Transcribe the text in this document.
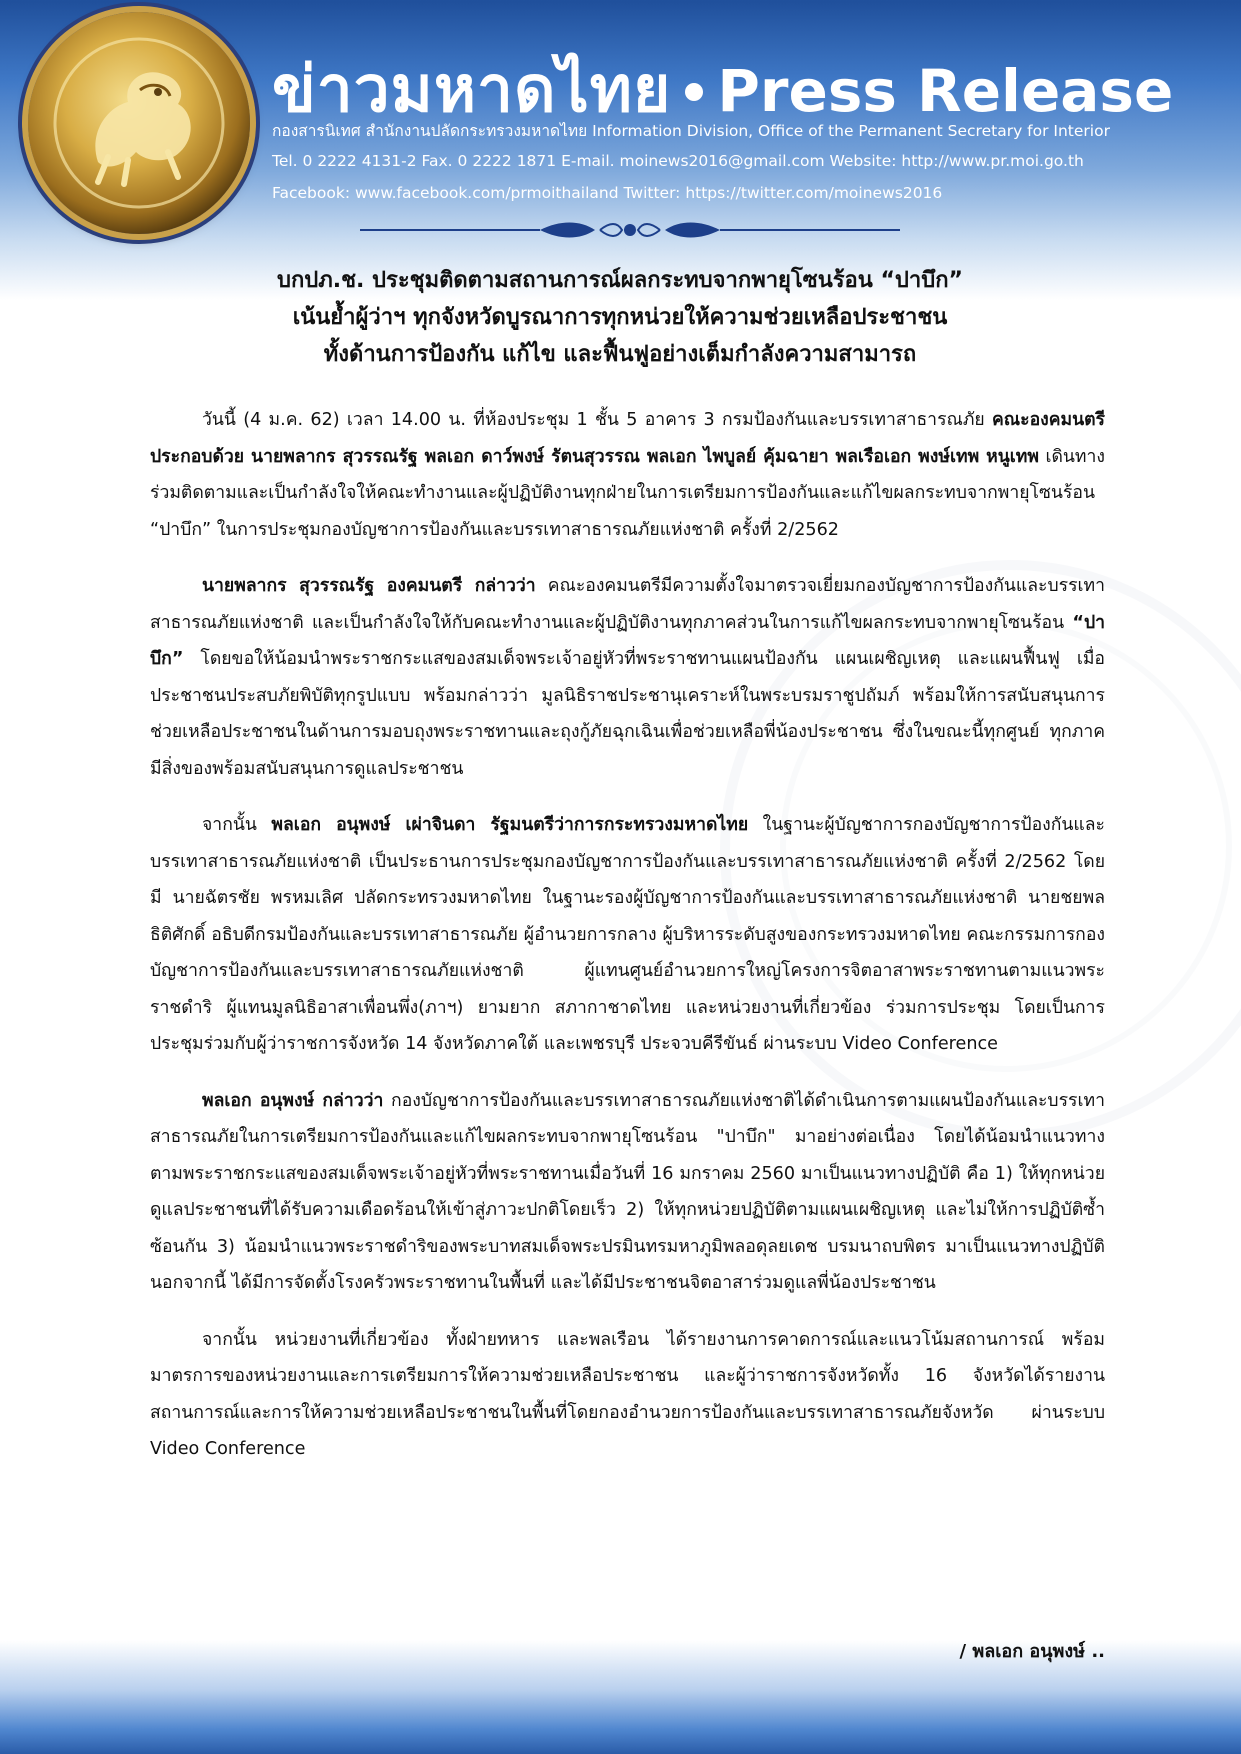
ข่าวมหาดไทย Press Release
กองสารนิเทศ สำนักงานปลัดกระทรวงมหาดไทย Information Division, Office of the Permanent Secretary for Interior
Tel. 0 2222 4131-2 Fax. 0 2222 1871 E-mail. moinews2016@gmail.com Website: http://www.pr.moi.go.th
Facebook: www.facebook.com/prmoithailand Twitter: https://twitter.com/moinews2016
บกปภ.ช. ประชุมติดตามสถานการณ์ผลกระทบจากพายุโซนร้อน “ปาบึก”
เน้นย้ำผู้ว่าฯ ทุกจังหวัดบูรณาการทุกหน่วยให้ความช่วยเหลือประชาชน
ทั้งด้านการป้องกัน แก้ไข และฟื้นฟูอย่างเต็มกำลังความสามารถ

วันนี้ (4 ม.ค. 62) เวลา 14.00 น. ที่ห้องประชุม 1 ชั้น 5 อาคาร 3 กรมป้องกันและบรรเทาสาธารณภัย คณะองคมนตรี ประกอบด้วย นายพลากร สุวรรณรัฐ พลเอก ดาว์พงษ์ รัตนสุวรรณ พลเอก ไพบูลย์ คุ้มฉายา พลเรือเอก พงษ์เทพ หนูเทพ เดินทางร่วมติดตามและเป็นกำลังใจให้คณะทำงานและผู้ปฏิบัติงานทุกฝ่ายในการเตรียมการป้องกันและแก้ไขผลกระทบจากพายุโซนร้อน “ปาบึก” ในการประชุมกองบัญชาการป้องกันและบรรเทาสาธารณภัยแห่งชาติ ครั้งที่ 2/2562

นายพลากร สุวรรณรัฐ องคมนตรี กล่าวว่า คณะองคมนตรีมีความตั้งใจมาตรวจเยี่ยมกองบัญชาการป้องกันและบรรเทาสาธารณภัยแห่งชาติ และเป็นกำลังใจให้กับคณะทำงานและผู้ปฏิบัติงานทุกภาคส่วนในการแก้ไขผลกระทบจากพายุโซนร้อน “ปาบึก” โดยขอให้น้อมนำพระราชกระแสของสมเด็จพระเจ้าอยู่หัวที่พระราชทานแผนป้องกัน แผนเผชิญเหตุ และแผนฟื้นฟู เมื่อประชาชนประสบภัยพิบัติทุกรูปแบบ พร้อมกล่าวว่า มูลนิธิราชประชานุเคราะห์ในพระบรมราชูปถัมภ์ พร้อมให้การสนับสนุนการช่วยเหลือประชาชนในด้านการมอบถุงพระราชทานและถุงกู้ภัยฉุกเฉินเพื่อช่วยเหลือพี่น้องประชาชน ซึ่งในขณะนี้ทุกศูนย์ ทุกภาค มีสิ่งของพร้อมสนับสนุนการดูแลประชาชน

จากนั้น พลเอก อนุพงษ์ เผ่าจินดา รัฐมนตรีว่าการกระทรวงมหาดไทย ในฐานะผู้บัญชาการกองบัญชาการป้องกันและบรรเทาสาธารณภัยแห่งชาติ เป็นประธานการประชุมกองบัญชาการป้องกันและบรรเทาสาธารณภัยแห่งชาติ ครั้งที่ 2/2562 โดยมี นายฉัตรชัย พรหมเลิศ ปลัดกระทรวงมหาดไทย ในฐานะรองผู้บัญชาการป้องกันและบรรเทาสาธารณภัยแห่งชาติ นายชยพล ธิติศักดิ์ อธิบดีกรมป้องกันและบรรเทาสาธารณภัย ผู้อำนวยการกลาง ผู้บริหารระดับสูงของกระทรวงมหาดไทย คณะกรรมการกองบัญชาการป้องกันและบรรเทาสาธารณภัยแห่งชาติ ผู้แทนศูนย์อำนวยการใหญ่โครงการจิตอาสาพระราชทานตามแนวพระราชดำริ ผู้แทนมูลนิธิอาสาเพื่อนพึ่ง(ภาฯ) ยามยาก สภากาชาดไทย และหน่วยงานที่เกี่ยวข้อง ร่วมการประชุม โดยเป็นการประชุมร่วมกับผู้ว่าราชการจังหวัด 14 จังหวัดภาคใต้ และเพชรบุรี ประจวบคีรีขันธ์ ผ่านระบบ Video Conference

พลเอก อนุพงษ์ กล่าวว่า กองบัญชาการป้องกันและบรรเทาสาธารณภัยแห่งชาติได้ดำเนินการตามแผนป้องกันและบรรเทาสาธารณภัยในการเตรียมการป้องกันและแก้ไขผลกระทบจากพายุโซนร้อน "ปาบึก" มาอย่างต่อเนื่อง โดยได้น้อมนำแนวทางตามพระราชกระแสของสมเด็จพระเจ้าอยู่หัวที่พระราชทานเมื่อวันที่ 16 มกราคม 2560 มาเป็นแนวทางปฏิบัติ คือ 1) ให้ทุกหน่วยดูแลประชาชนที่ได้รับความเดือดร้อนให้เข้าสู่ภาวะปกติโดยเร็ว 2) ให้ทุกหน่วยปฏิบัติตามแผนเผชิญเหตุ และไม่ให้การปฏิบัติซ้ำซ้อนกัน 3) น้อมนำแนวพระราชดำริของพระบาทสมเด็จพระปรมินทรมหาภูมิพลอดุลยเดช บรมนาถบพิตร มาเป็นแนวทางปฏิบัติ นอกจากนี้ ได้มีการจัดตั้งโรงครัวพระราชทานในพื้นที่ และได้มีประชาชนจิตอาสาร่วมดูแลพี่น้องประชาชน

จากนั้น หน่วยงานที่เกี่ยวข้อง ทั้งฝ่ายทหาร และพลเรือน ได้รายงานการคาดการณ์และแนวโน้มสถานการณ์ พร้อมมาตรการของหน่วยงานและการเตรียมการให้ความช่วยเหลือประชาชน และผู้ว่าราชการจังหวัดทั้ง 16 จังหวัดได้รายงานสถานการณ์และการให้ความช่วยเหลือประชาชนในพื้นที่โดยกองอำนวยการป้องกันและบรรเทาสาธารณภัยจังหวัด ผ่านระบบ Video Conference

/ พลเอก อนุพงษ์ ..
